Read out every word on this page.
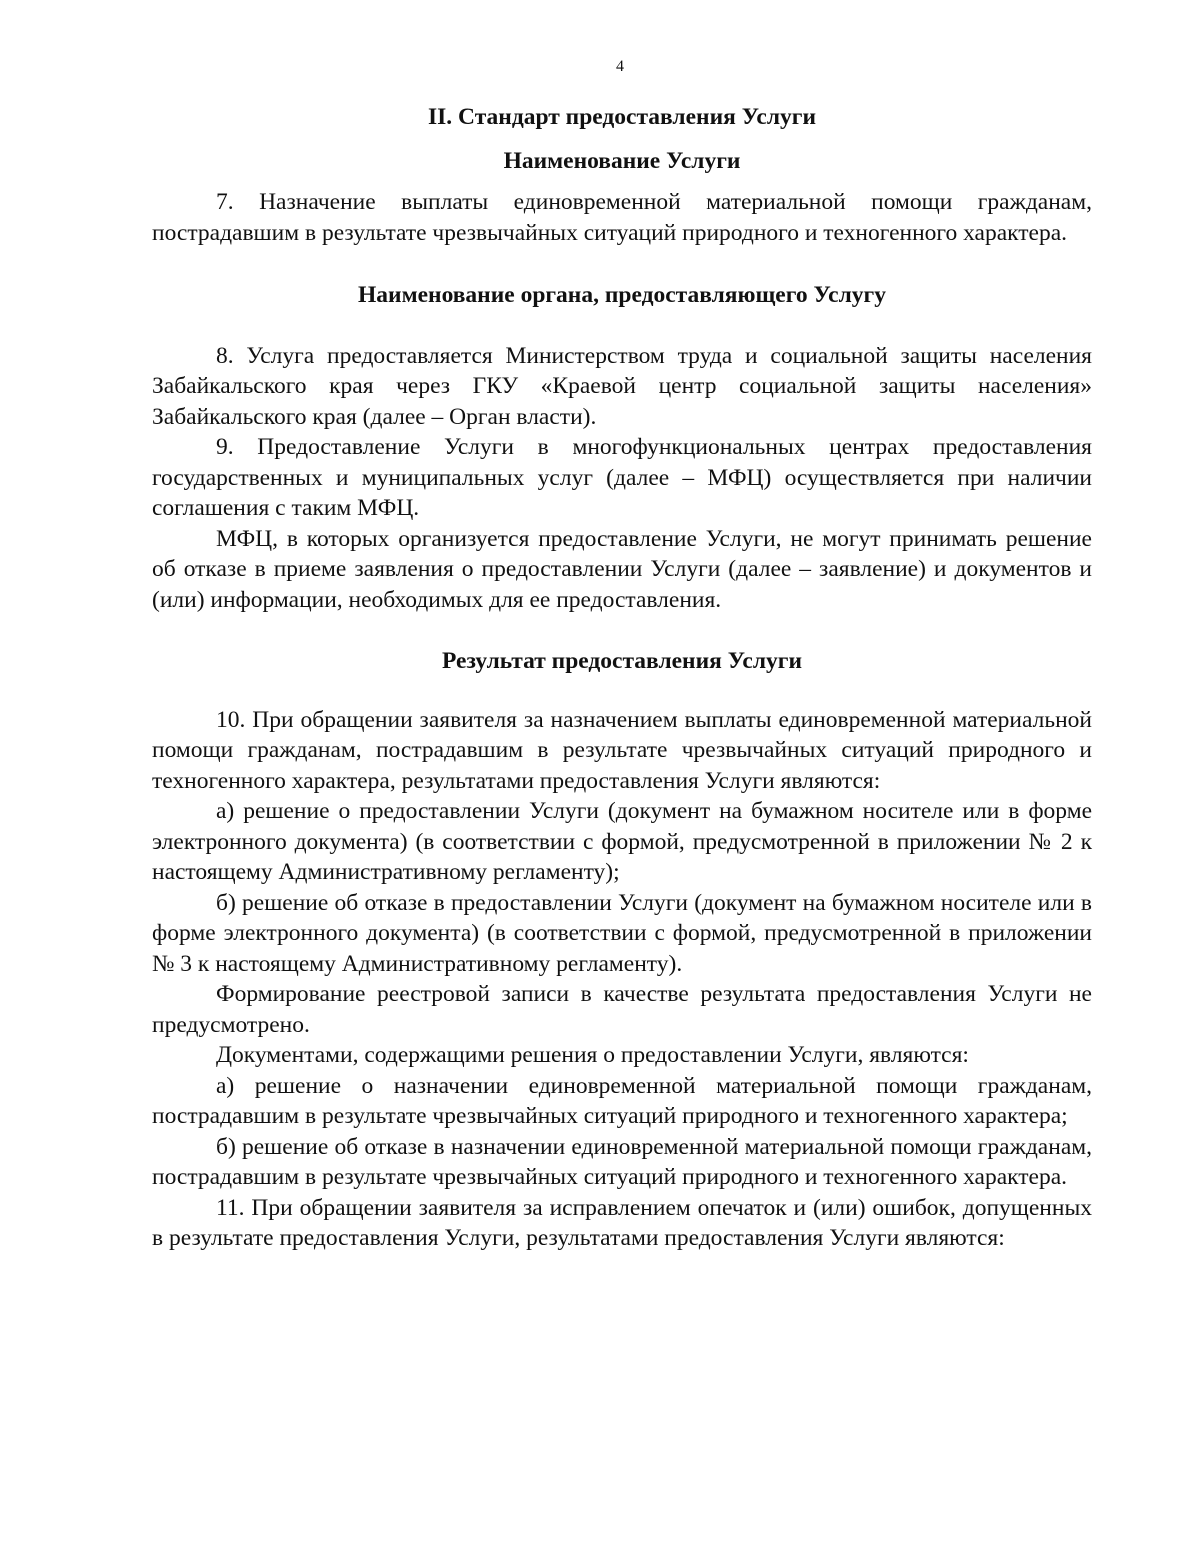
4
II. Стандарт предоставления Услуги
Наименование Услуги

7. Назначение выплаты единовременной материальной помощи гражданам, пострадавшим в результате чрезвычайных ситуаций природного и техногенного характера.

Наименование органа, предоставляющего Услугу

8. Услуга предоставляется Министерством труда и социальной защиты населения Забайкальского края через ГКУ «Краевой центр социальной защиты населения» Забайкальского края (далее – Орган власти).

9. Предоставление Услуги в многофункциональных центрах предоставления государственных и муниципальных услуг (далее – МФЦ) осуществляется при наличии соглашения с таким МФЦ.

МФЦ, в которых организуется предоставление Услуги, не могут принимать решение об отказе в приеме заявления о предоставлении Услуги (далее – заявление) и документов и (или) информации, необходимых для ее предоставления.

Результат предоставления Услуги

10. При обращении заявителя за назначением выплаты единовременной материальной помощи гражданам, пострадавшим в результате чрезвычайных ситуаций природного и техногенного характера, результатами предоставления Услуги являются:

а) решение о предоставлении Услуги (документ на бумажном носителе или в форме электронного документа) (в соответствии с формой, предусмотренной в приложении № 2 к настоящему Административному регламенту);

б) решение об отказе в предоставлении Услуги (документ на бумажном носителе или в форме электронного документа) (в соответствии с формой, предусмотренной в приложении № 3 к настоящему Административному регламенту).

Формирование реестровой записи в качестве результата предоставления Услуги не предусмотрено.

Документами, содержащими решения о предоставлении Услуги, являются:

а) решение о назначении единовременной материальной помощи гражданам, пострадавшим в результате чрезвычайных ситуаций природного и техногенного характера;

б) решение об отказе в назначении единовременной материальной помощи гражданам, пострадавшим в результате чрезвычайных ситуаций природного и техногенного характера.

11. При обращении заявителя за исправлением опечаток и (или) ошибок, допущенных в результате предоставления Услуги, результатами предоставления Услуги являются:
